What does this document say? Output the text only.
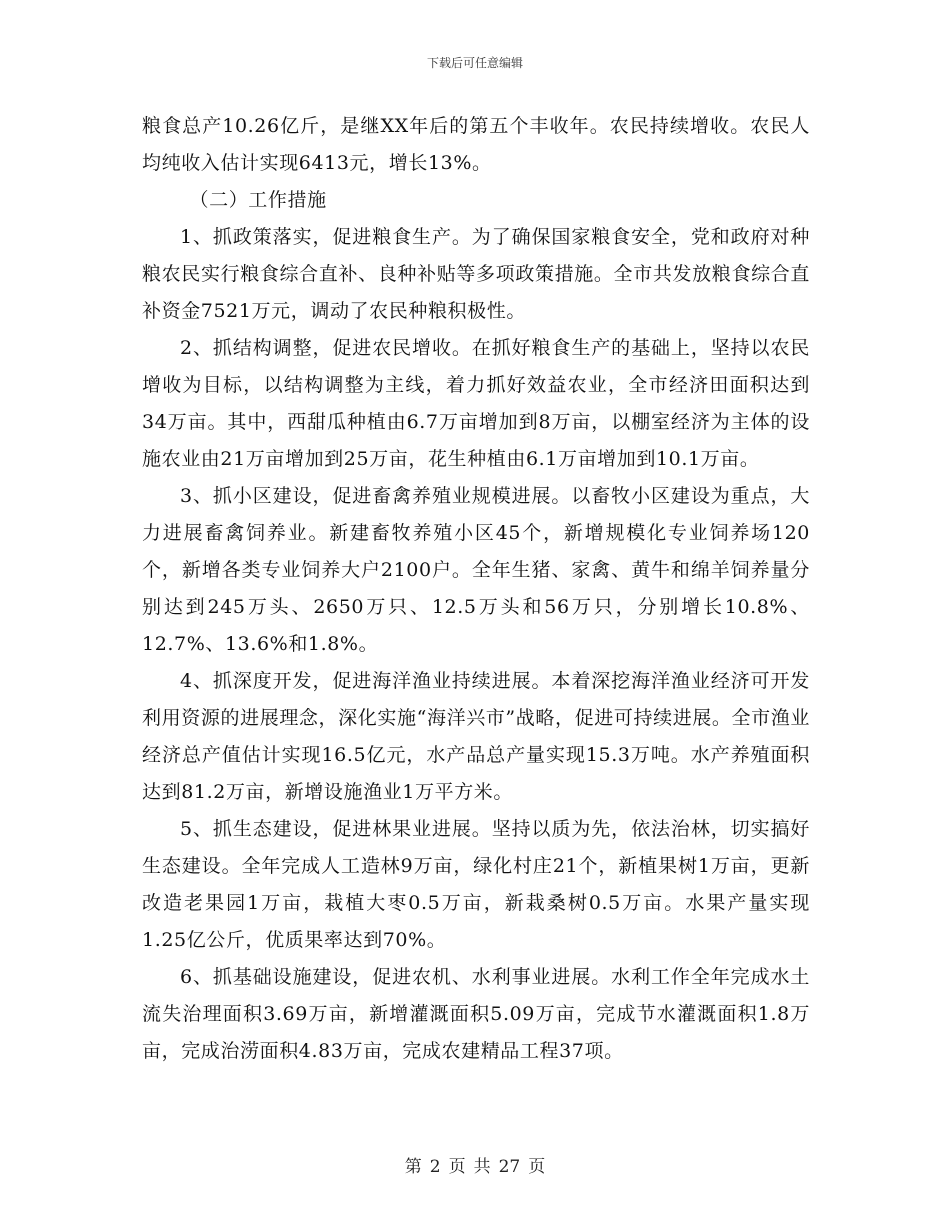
下载后可任意编辑

粮食总产10.26亿斤，是继XX年后的第五个丰收年。农民持续增收。农民人均纯收入估计实现6413元，增长13%。

（二）工作措施

1、抓政策落实，促进粮食生产。为了确保国家粮食安全，党和政府对种粮农民实行粮食综合直补、良种补贴等多项政策措施。全市共发放粮食综合直补资金7521万元，调动了农民种粮积极性。

2、抓结构调整，促进农民增收。在抓好粮食生产的基础上，坚持以农民增收为目标，以结构调整为主线，着力抓好效益农业，全市经济田面积达到34万亩。其中，西甜瓜种植由6.7万亩增加到8万亩，以棚室经济为主体的设施农业由21万亩增加到25万亩，花生种植由6.1万亩增加到10.1万亩。

3、抓小区建设，促进畜禽养殖业规模进展。以畜牧小区建设为重点，大力进展畜禽饲养业。新建畜牧养殖小区45个，新增规模化专业饲养场120个，新增各类专业饲养大户2100户。全年生猪、家禽、黄牛和绵羊饲养量分别达到245万头、2650万只、12.5万头和56万只，分别增长10.8%、12.7%、13.6%和1.8%。

4、抓深度开发，促进海洋渔业持续进展。本着深挖海洋渔业经济可开发利用资源的进展理念，深化实施“海洋兴市”战略，促进可持续进展。全市渔业经济总产值估计实现16.5亿元，水产品总产量实现15.3万吨。水产养殖面积达到81.2万亩，新增设施渔业1万平方米。

5、抓生态建设，促进林果业进展。坚持以质为先，依法治林，切实搞好生态建设。全年完成人工造林9万亩，绿化村庄21个，新植果树1万亩，更新改造老果园1万亩，栽植大枣0.5万亩，新栽桑树0.5万亩。水果产量实现1.25亿公斤，优质果率达到70%。

6、抓基础设施建设，促进农机、水利事业进展。水利工作全年完成水土流失治理面积3.69万亩，新增灌溉面积5.09万亩，完成节水灌溉面积1.8万亩，完成治涝面积4.83万亩，完成农建精品工程37项。

第 2 页 共 27 页
